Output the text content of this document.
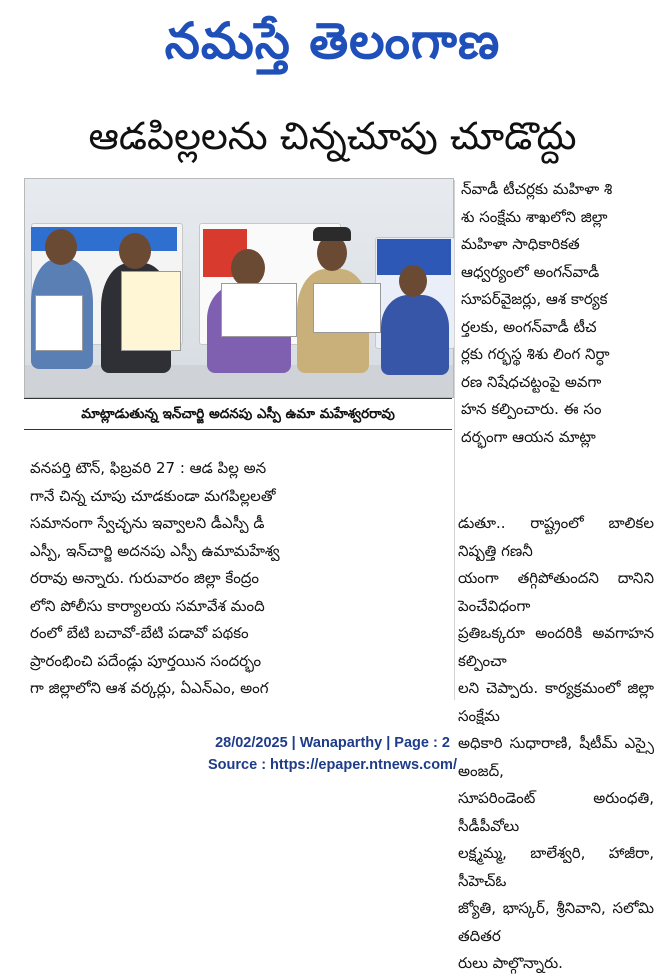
నమస్తే తెలంగాణ
ఆడపిల్లలను చిన్నచూపు చూడొద్దు
మాట్లాడుతున్న ఇన్‌చార్జి అదనపు ఎస్పీ ఉమా మహేశ్వరరావు
న్‌వాడీ టీచర్లకు మహిళా శి
శు సంక్షేమ శాఖలోని జిల్లా
మహిళా సాధికారికత
ఆధ్వర్యంలో అంగన్‌వాడీ
సూపర్‌వైజర్లు, ఆశ కార్యక
ర్తలకు, అంగన్‌వాడీ టీచ
ర్లకు గర్భస్థ శిశు లింగ నిర్ధా
రణ నిషేధచట్టంపై అవగా
హన కల్పించారు. ఈ సం
దర్భంగా ఆయన మాట్లా
వనపర్తి టౌన్, ఫిబ్రవరి 27 : ఆడ పిల్ల అన
గానే చిన్న చూపు చూడకుండా మగపిల్లలతో
సమానంగా స్వేచ్ఛను ఇవ్వాలని డీఎస్పీ డీ
ఎస్పీ, ఇన్‌చార్జి అదనపు ఎస్పీ ఉమామహేశ్వ
రరావు అన్నారు. గురువారం జిల్లా కేంద్రం
లోని పోలీసు కార్యాలయ సమావేశ మంది
రంలో బేటి బచావో-బేటి పడావో పథకం
ప్రారంభించి పదేండ్లు పూర్తయిన సందర్భం
గా జిల్లాలోని ఆశ వర్కర్లు, ఏఎన్‌ఎం, అంగ
డుతూ.. రాష్ట్రంలో బాలికల నిష్పత్తి గణనీ
యంగా తగ్గిపోతుందని దానిని పెంచేవిధంగా
ప్రతిఒక్కరూ అందరికి అవగాహన కల్పించా
లని చెప్పారు. కార్యక్రమంలో జిల్లా సంక్షేమ
అధికారి సుధారాణి, షీటీమ్ ఎస్సై అంజద్,
సూపరిండెంట్ అరుంధతి, సీడీపీవోలు
లక్ష్మమ్మ, బాలేశ్వరి, హాజీరా, సీహెచ్‌ఓ
జ్యోతి, భాస్కర్, శ్రీనివాని, సలోమి తదితర
రులు పాల్గొన్నారు.
28/02/2025 | Wanaparthy | Page : 2
Source : https://epaper.ntnews.com/
